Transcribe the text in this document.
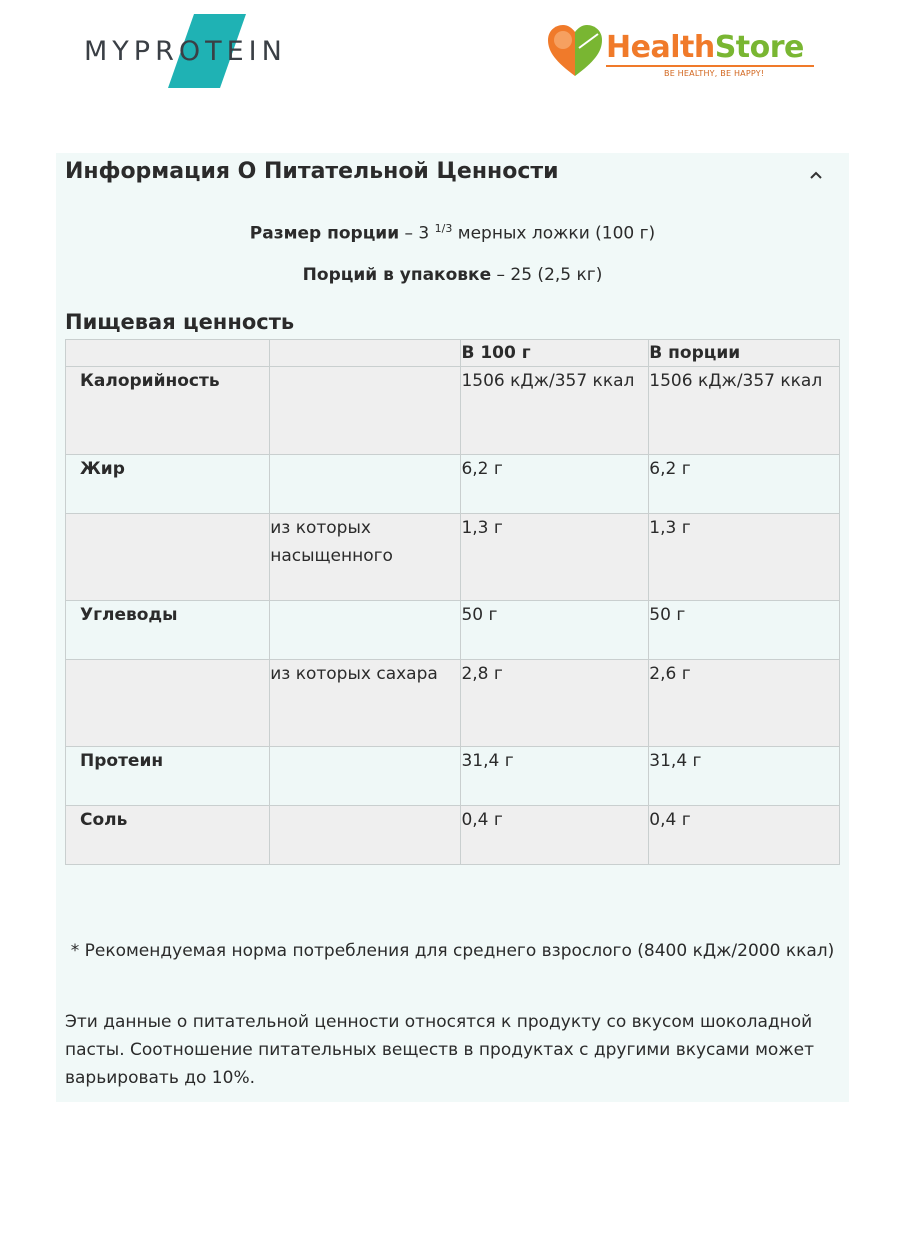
MYPROTEIN	HealthStore
BE HEALTHY, BE HAPPY!
Информация О Питательной Ценности
Размер порции – 3 $^{1/3}$ мерных ложки (100 г)
Порций в упаковке – 25 (2,5 кг)
Пищевая ценность
		В 100 г	В порции
Калорийность		1506 кДж/357 ккал	1506 кДж/357 ккал
Жир		6,2 г	6,2 г
	из которых насыщенного	1,3 г	1,3 г
Углеводы		50 г	50 г
	из которых сахара	2,8 г	2,6 г
Протеин		31,4 г	31,4 г
Соль		0,4 г	0,4 г
* Рекомендуемая норма потребления для среднего взрослого (8400 кДж/2000 ккал)
Эти данные о питательной ценности относятся к продукту со вкусом шоколадной пасты. Соотношение питательных веществ в продуктах с другими вкусами может варьировать до 10%.
